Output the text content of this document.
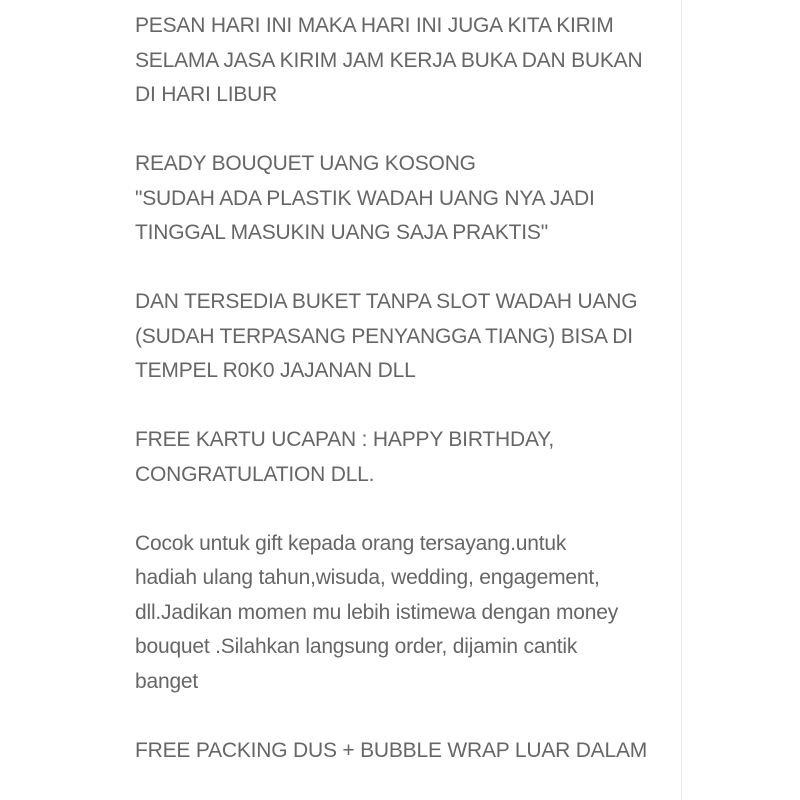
PESAN HARI INI MAKA HARI INI JUGA KITA KIRIM
SELAMA JASA KIRIM JAM KERJA BUKA DAN BUKAN
DI HARI LIBUR
READY BOUQUET UANG KOSONG
"SUDAH ADA PLASTIK WADAH UANG NYA JADI
TINGGAL MASUKIN UANG SAJA PRAKTIS"
DAN TERSEDIA BUKET TANPA SLOT WADAH UANG
(SUDAH TERPASANG PENYANGGA TIANG) BISA DI
TEMPEL R0K0 JAJANAN DLL
FREE KARTU UCAPAN : HAPPY BIRTHDAY,
CONGRATULATION DLL.
Cocok untuk gift kepada orang tersayang.untuk
hadiah ulang tahun,wisuda, wedding, engagement,
dll.Jadikan momen mu lebih istimewa dengan money
bouquet .Silahkan langsung order, dijamin cantik
banget
FREE PACKING DUS + BUBBLE WRAP LUAR DALAM
